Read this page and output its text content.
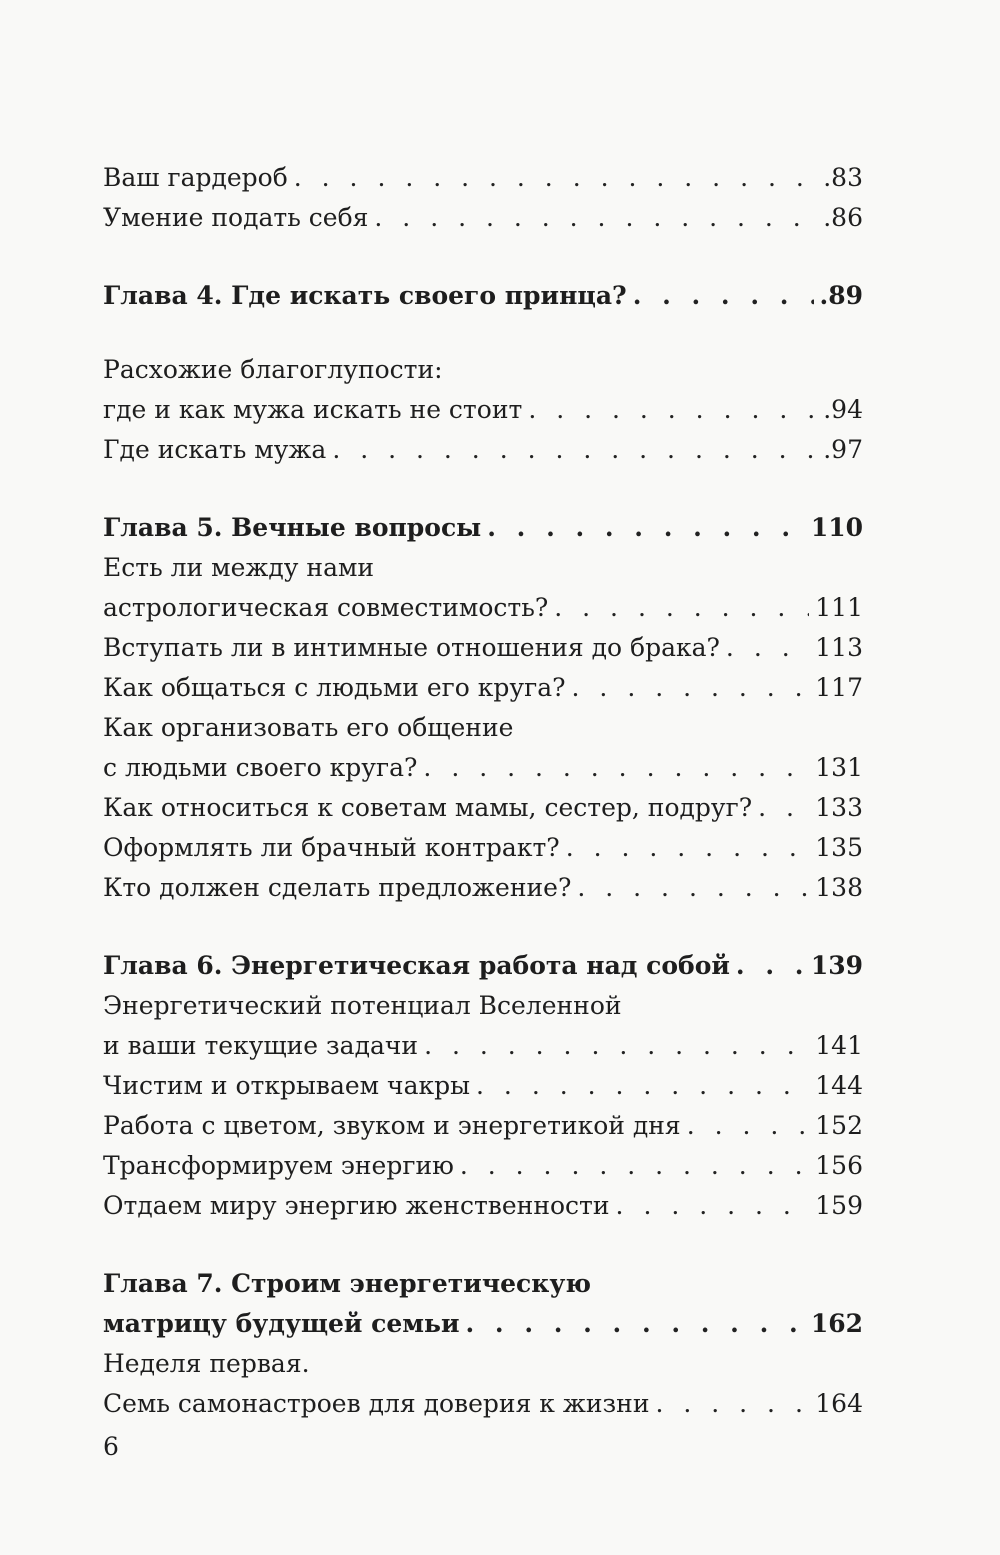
Ваш гардероб . . .	.83
Умение подать себя . . .	.86
Глава 4. Где искать своего принца? . . .	.89
Расхожие благоглупости:
где и как мужа искать не стоит . . .	.94
Где искать мужа . . .	.97
Глава 5. Вечные вопросы . . .	110
Есть ли между нами
астрологическая совместимость? . . .	111
Вступать ли в интимные отношения до брака? . . .	113
Как общаться с людьми его круга? . . .	117
Как организовать его общение
с людьми своего круга? . . .	131
Как относиться к советам мамы, сестер, подруг? . . .	133
Оформлять ли брачный контракт? . . .	135
Кто должен сделать предложение? . . .	138
Глава 6. Энергетическая работа над собой . . .	139
Энергетический потенциал Вселенной
и ваши текущие задачи . . .	141
Чистим и открываем чакры . . .	144
Работа с цветом, звуком и энергетикой дня . . .	152
Трансформируем энергию . . .	156
Отдаем миру энергию женственности . . .	159
Глава 7. Строим энергетическую
матрицу будущей семьи . . .	162
Неделя первая.
Семь самонастроев для доверия к жизни . . .	164
6
